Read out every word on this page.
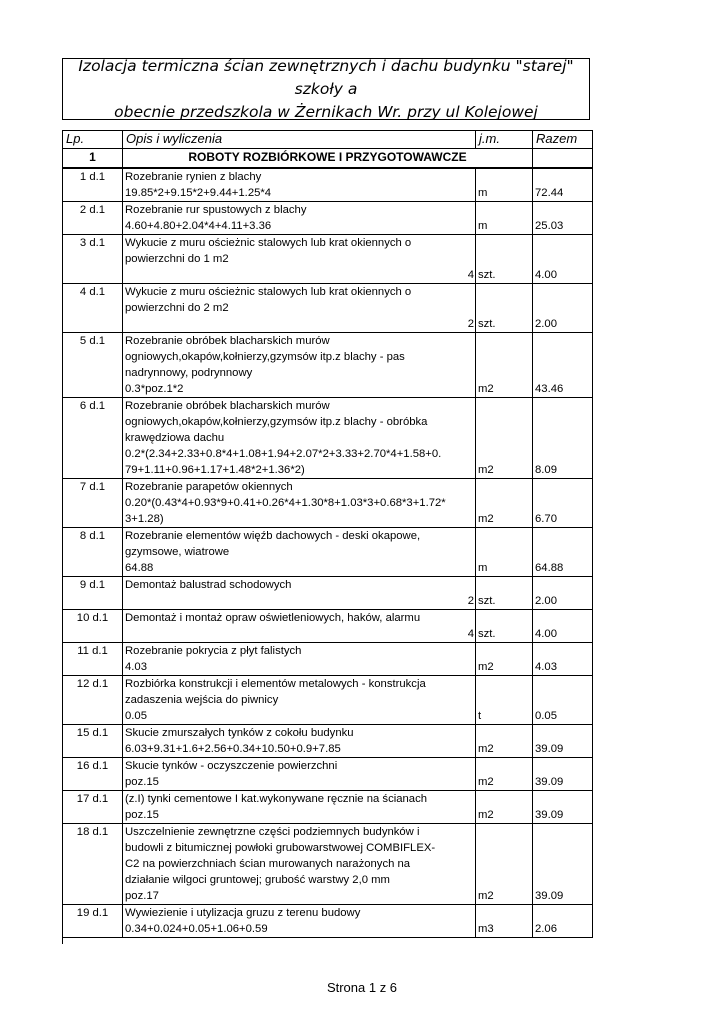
Izolacja termiczna ścian zewnętrznych i dachu budynku "starej" szkoły a
obecnie przedszkola w Żernikach Wr. przy ul Kolejowej
Lp.	Opis i wyliczenia	j.m.	Razem
1	ROBOTY ROZBIÓRKOWE I PRZYGOTOWAWCZE		
1 d.1	Rozebranie rynien z blachy		
	19.85*2+9.15*2+9.44+1.25*4	m	72.44
2 d.1	Rozebranie rur spustowych z blachy		
	4.60+4.80+2.04*4+4.11+3.36	m	25.03
3 d.1	Wykucie z muru ościeżnic stalowych lub krat okiennych o		
	powierzchni do 1 m2		

	4	szt.	4.00
4 d.1	Wykucie z muru ościeżnic stalowych lub krat okiennych o		
	powierzchni do 2 m2		

	2	szt.	2.00
5 d.1	Rozebranie obróbek blacharskich murów		
	ogniowych,okapów,kołnierzy,gzymsów itp.z blachy - pas		
	nadrynnowy, podrynnowy		
	0.3*poz.1*2	m2	43.46
6 d.1	Rozebranie obróbek blacharskich murów		
	ogniowych,okapów,kołnierzy,gzymsów itp.z blachy - obróbka		
	krawędziowa dachu		
	0.2*(2.34+2.33+0.8*4+1.08+1.94+2.07*2+3.33+2.70*4+1.58+0.		
	79+1.11+0.96+1.17+1.48*2+1.36*2)	m2	8.09
7 d.1	Rozebranie parapetów okiennych		
	0.20*(0.43*4+0.93*9+0.41+0.26*4+1.30*8+1.03*3+0.68*3+1.72*		
	3+1.28)	m2	6.70
8 d.1	Rozebranie elementów więźb dachowych - deski okapowe,		
	gzymsowe, wiatrowe		
	64.88	m	64.88
9 d.1	Demontaż balustrad schodowych		

	2	szt.	2.00
10 d.1	Demontaż i montaż opraw oświetleniowych, haków, alarmu		

	4	szt.	4.00
11 d.1	Rozebranie pokrycia z płyt falistych		
	4.03	m2	4.03
12 d.1	Rozbiórka konstrukcji i elementów metalowych - konstrukcja		
	zadaszenia wejścia do piwnicy		
	0.05	t	0.05
15 d.1	Skucie zmurszałych tynków z cokołu budynku		
	6.03+9.31+1.6+2.56+0.34+10.50+0.9+7.85	m2	39.09
16 d.1	Skucie tynków - oczyszczenie powierzchni		
	poz.15	m2	39.09
17 d.1	(z.I) tynki cementowe I kat.wykonywane ręcznie na ścianach		
	poz.15	m2	39.09
18 d.1	Uszczelnienie zewnętrzne części podziemnych budynków i		
	budowli z bitumicznej powłoki grubowarstwowej COMBIFLEX-		
	C2 na powierzchniach ścian murowanych narażonych na		
	działanie wilgoci gruntowej; grubość warstwy 2,0 mm		
	poz.17	m2	39.09
19 d.1	Wywiezienie i utylizacja gruzu z terenu budowy		
	0.34+0.024+0.05+1.06+0.59	m3	2.06
Strona 1 z 6
